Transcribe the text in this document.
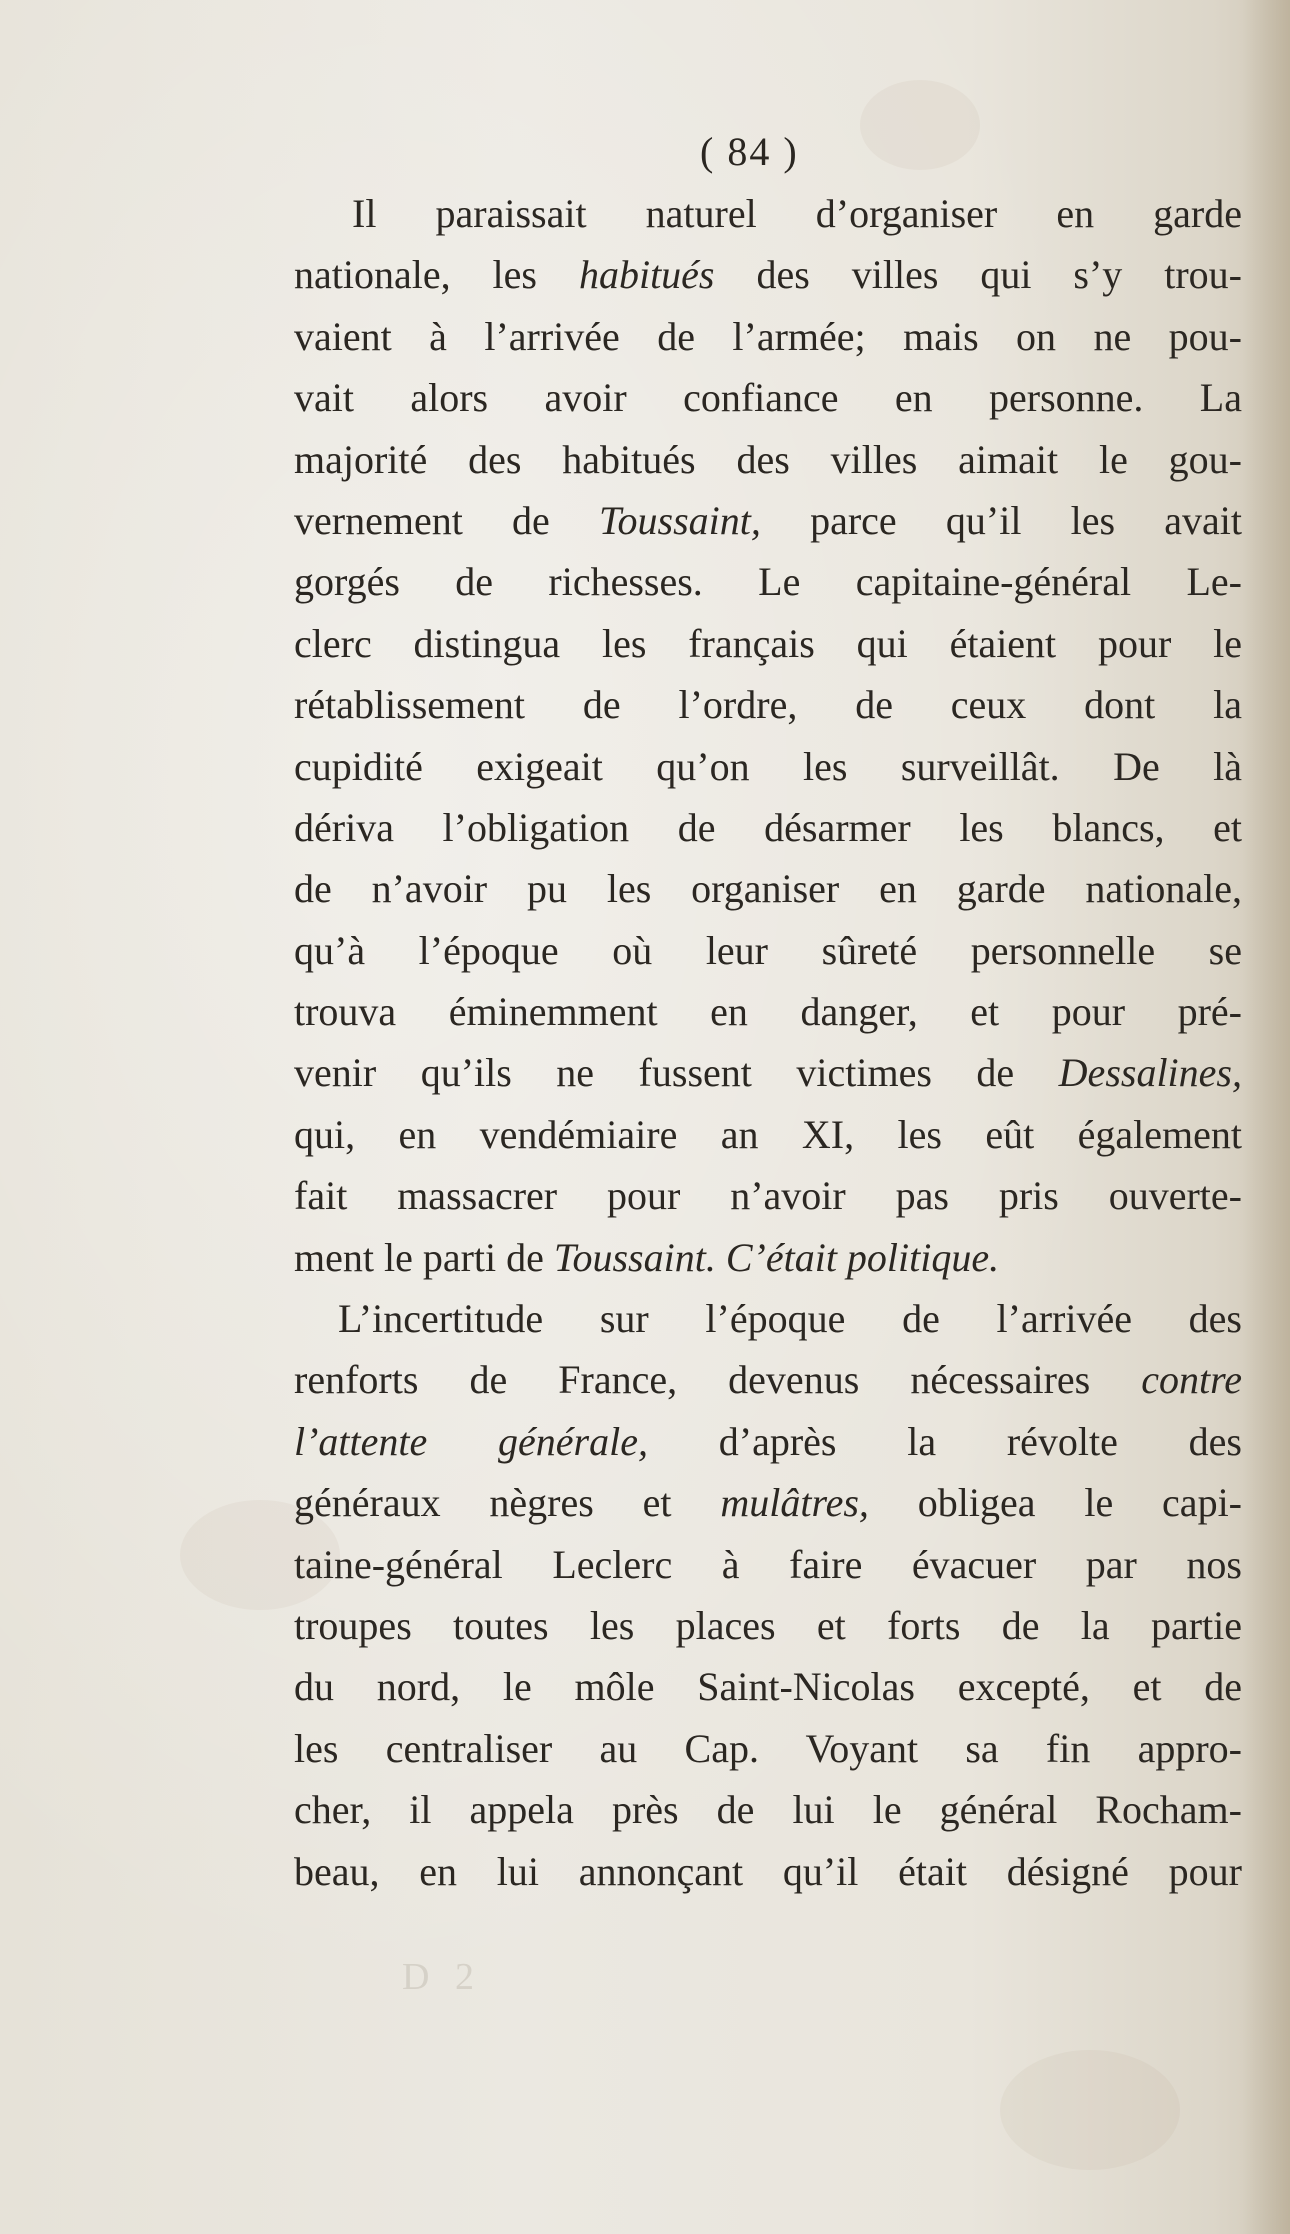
( 84 )
Il paraissait naturel d’organiser en garde
nationale, les habitués des villes qui s’y trou-
vaient à l’arrivée de l’armée; mais on ne pou-
vait alors avoir confiance en personne. La
majorité des habitués des villes aimait le gou-
vernement de Toussaint, parce qu’il les avait
gorgés de richesses. Le capitaine-général Le-
clerc distingua les français qui étaient pour le
rétablissement de l’ordre, de ceux dont la
cupidité exigeait qu’on les surveillât. De là
dériva l’obligation de désarmer les blancs, et
de n’avoir pu les organiser en garde nationale,
qu’à l’époque où leur sûreté personnelle se
trouva éminemment en danger, et pour pré-
venir qu’ils ne fussent victimes de Dessalines,
qui, en vendémiaire an XI, les eût également
fait massacrer pour n’avoir pas pris ouverte-
ment le parti de Toussaint. C’était politique.
L’incertitude sur l’époque de l’arrivée des
renforts de France, devenus nécessaires contre
l’attente générale, d’après la révolte des
généraux nègres et mulâtres, obligea le capi-
taine-général Leclerc à faire évacuer par nos
troupes toutes les places et forts de la partie
du nord, le môle Saint-Nicolas excepté, et de
les centraliser au Cap. Voyant sa fin appro-
cher, il appela près de lui le général Rocham-
beau, en lui annonçant qu’il était désigné pour
D 2
